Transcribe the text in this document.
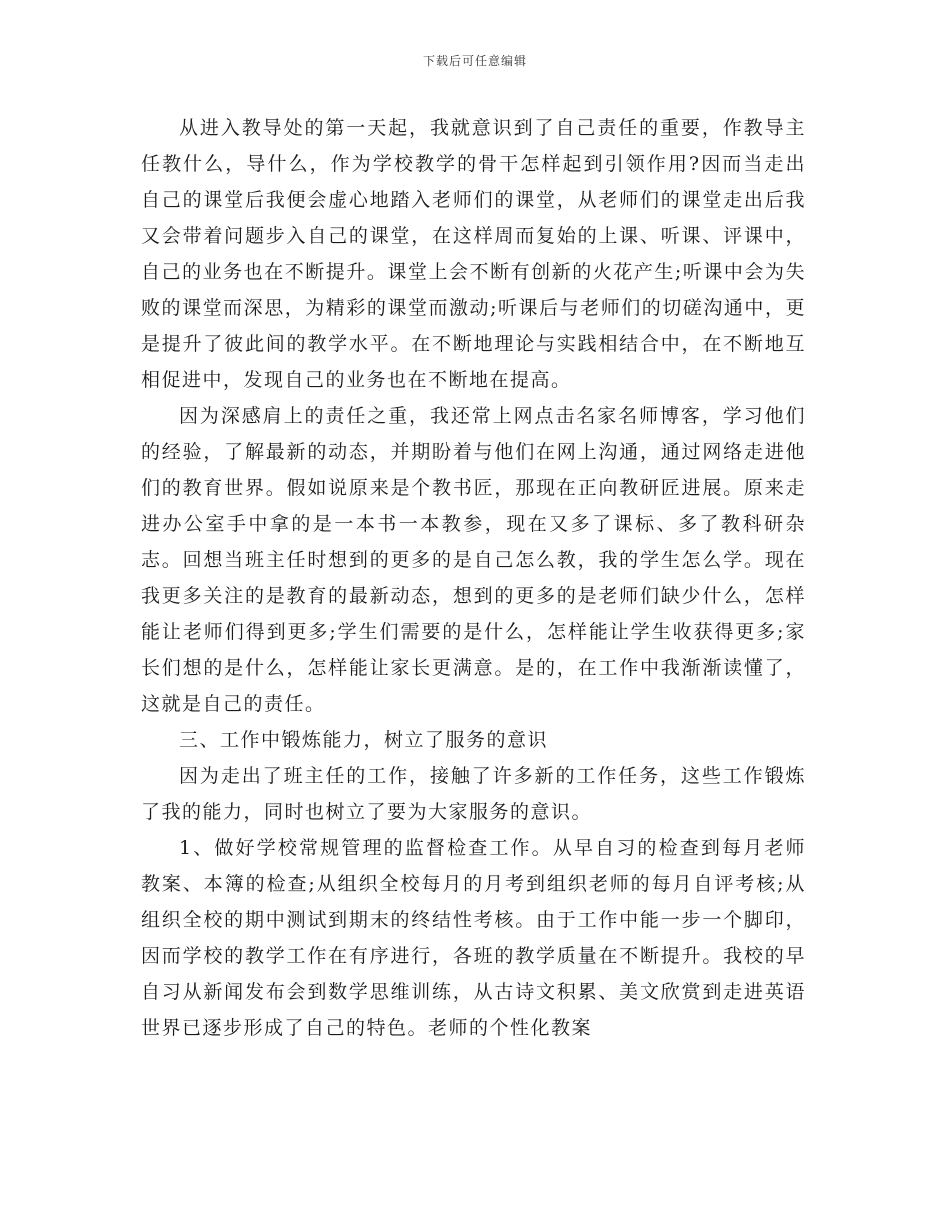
下载后可任意编辑

从进入教导处的第一天起，我就意识到了自己责任的重要，作教导主任教什么，导什么，作为学校教学的骨干怎样起到引领作用?因而当走出自己的课堂后我便会虚心地踏入老师们的课堂，从老师们的课堂走出后我又会带着问题步入自己的课堂，在这样周而复始的上课、听课、评课中，自己的业务也在不断提升。课堂上会不断有创新的火花产生;听课中会为失败的课堂而深思，为精彩的课堂而激动;听课后与老师们的切磋沟通中，更是提升了彼此间的教学水平。在不断地理论与实践相结合中，在不断地互相促进中，发现自己的业务也在不断地在提高。

因为深感肩上的责任之重，我还常上网点击名家名师博客，学习他们的经验，了解最新的动态，并期盼着与他们在网上沟通，通过网络走进他们的教育世界。假如说原来是个教书匠，那现在正向教研匠进展。原来走进办公室手中拿的是一本书一本教参，现在又多了课标、多了教科研杂志。回想当班主任时想到的更多的是自己怎么教，我的学生怎么学。现在我更多关注的是教育的最新动态，想到的更多的是老师们缺少什么，怎样能让老师们得到更多;学生们需要的是什么，怎样能让学生收获得更多;家长们想的是什么，怎样能让家长更满意。是的，在工作中我渐渐读懂了，这就是自己的责任。

三、工作中锻炼能力，树立了服务的意识

因为走出了班主任的工作，接触了许多新的工作任务，这些工作锻炼了我的能力，同时也树立了要为大家服务的意识。

1、做好学校常规管理的监督检查工作。从早自习的检查到每月老师教案、本簿的检查;从组织全校每月的月考到组织老师的每月自评考核;从组织全校的期中测试到期末的终结性考核。由于工作中能一步一个脚印，因而学校的教学工作在有序进行，各班的教学质量在不断提升。我校的早自习从新闻发布会到数学思维训练，从古诗文积累、美文欣赏到走进英语世界已逐步形成了自己的特色。老师的个性化教案
